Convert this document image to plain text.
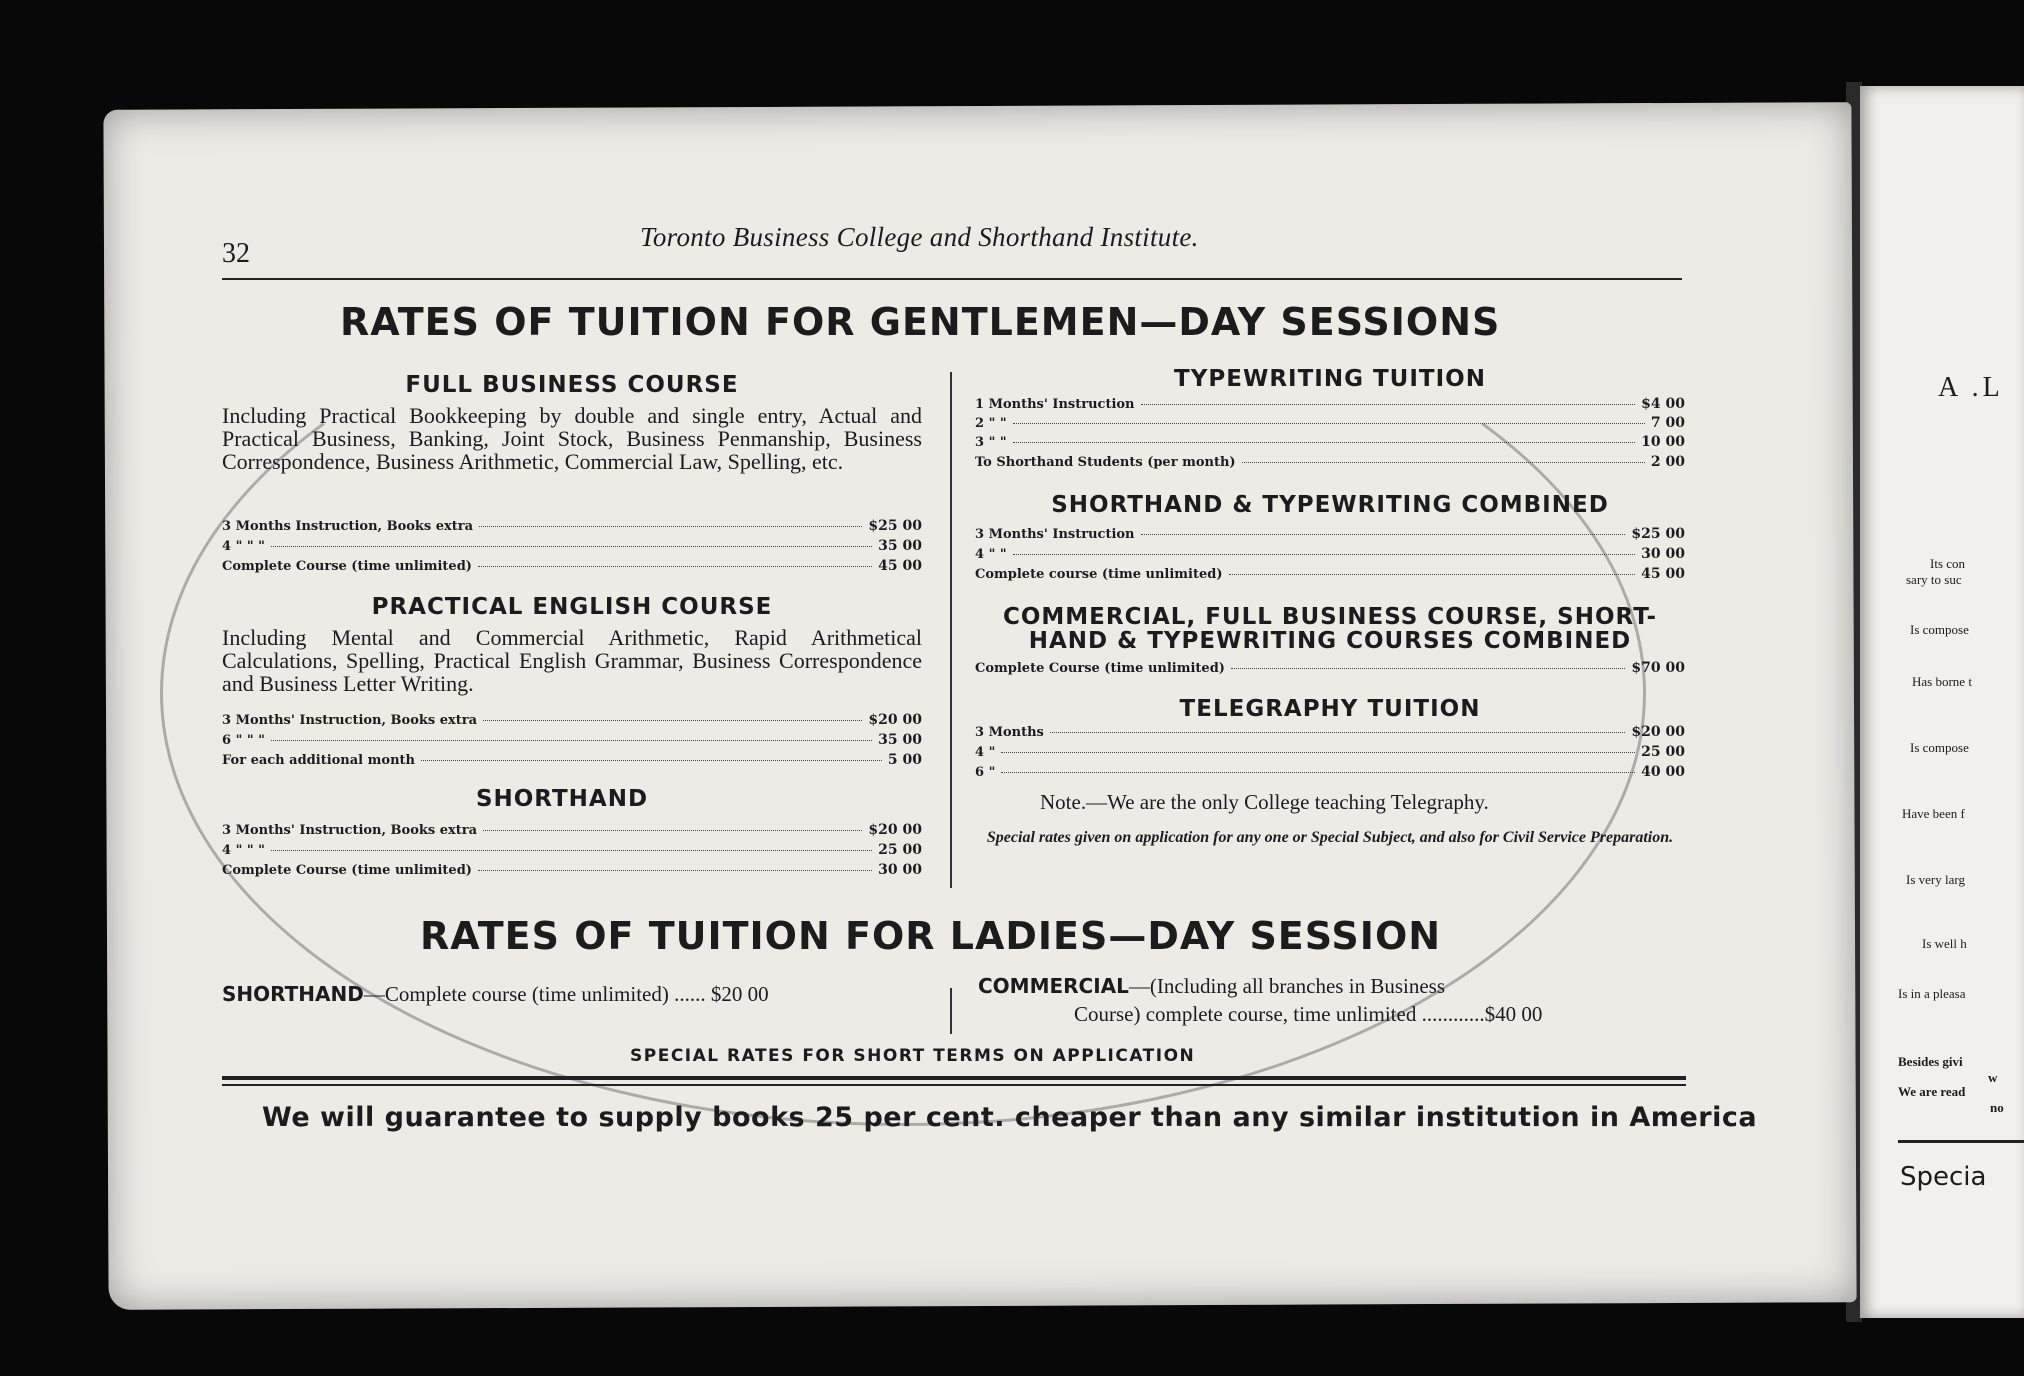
A .L
Its con
sary to suc
Is compose
Has borne t
Is compose
Have been f
Is very larg
Is well h
Is in a pleasa
Besides givi
w
We are read
no
Specia
32
Toronto Business College and Shorthand Institute.
RATES OF TUITION FOR GENTLEMEN—DAY SESSIONS
FULL BUSINESS COURSE
Including Practical Bookkeeping by double and single entry, Actual and Practical Business, Banking, Joint Stock, Business Penmanship, Business Correspondence, Business Arithmetic, Commercial Law, Spelling, etc.
3 Months Instruction, Books extra	$25 00
4 " " "	35 00
Complete Course (time unlimited)	45 00
PRACTICAL ENGLISH COURSE
Including Mental and Commercial Arithmetic, Rapid Arithmetical Calculations, Spelling, Practical English Grammar, Business Correspondence and Business Letter Writing.
3 Months' Instruction, Books extra	$20 00
6 " " "	35 00
For each additional month	5 00
SHORTHAND
3 Months' Instruction, Books extra	$20 00
4 " " "	25 00
Complete Course (time unlimited)	30 00
TYPEWRITING TUITION
1 Months' Instruction	$4 00
2 " "	7 00
3 " "	10 00
To Shorthand Students (per month)	2 00
SHORTHAND & TYPEWRITING COMBINED
3 Months' Instruction	$25 00
4 " "	30 00
Complete course (time unlimited)	45 00
COMMERCIAL, FULL BUSINESS COURSE, SHORT-
HAND & TYPEWRITING COURSES COMBINED
Complete Course (time unlimited)	$70 00
TELEGRAPHY TUITION
3 Months	$20 00
4 "	25 00
6 "	40 00
Note.—We are the only College teaching Telegraphy.
Special rates given on application for any one or Special Subject, and also for Civil Service Preparation.
RATES OF TUITION FOR LADIES—DAY SESSION
SHORTHAND—Complete course (time unlimited) ...... $20 00	COMMERCIAL—(Including all branches in Business
Course) complete course, time unlimited ............$40 00
SPECIAL RATES FOR SHORT TERMS ON APPLICATION
We will guarantee to supply books 25 per cent. cheaper than any similar institution in America
